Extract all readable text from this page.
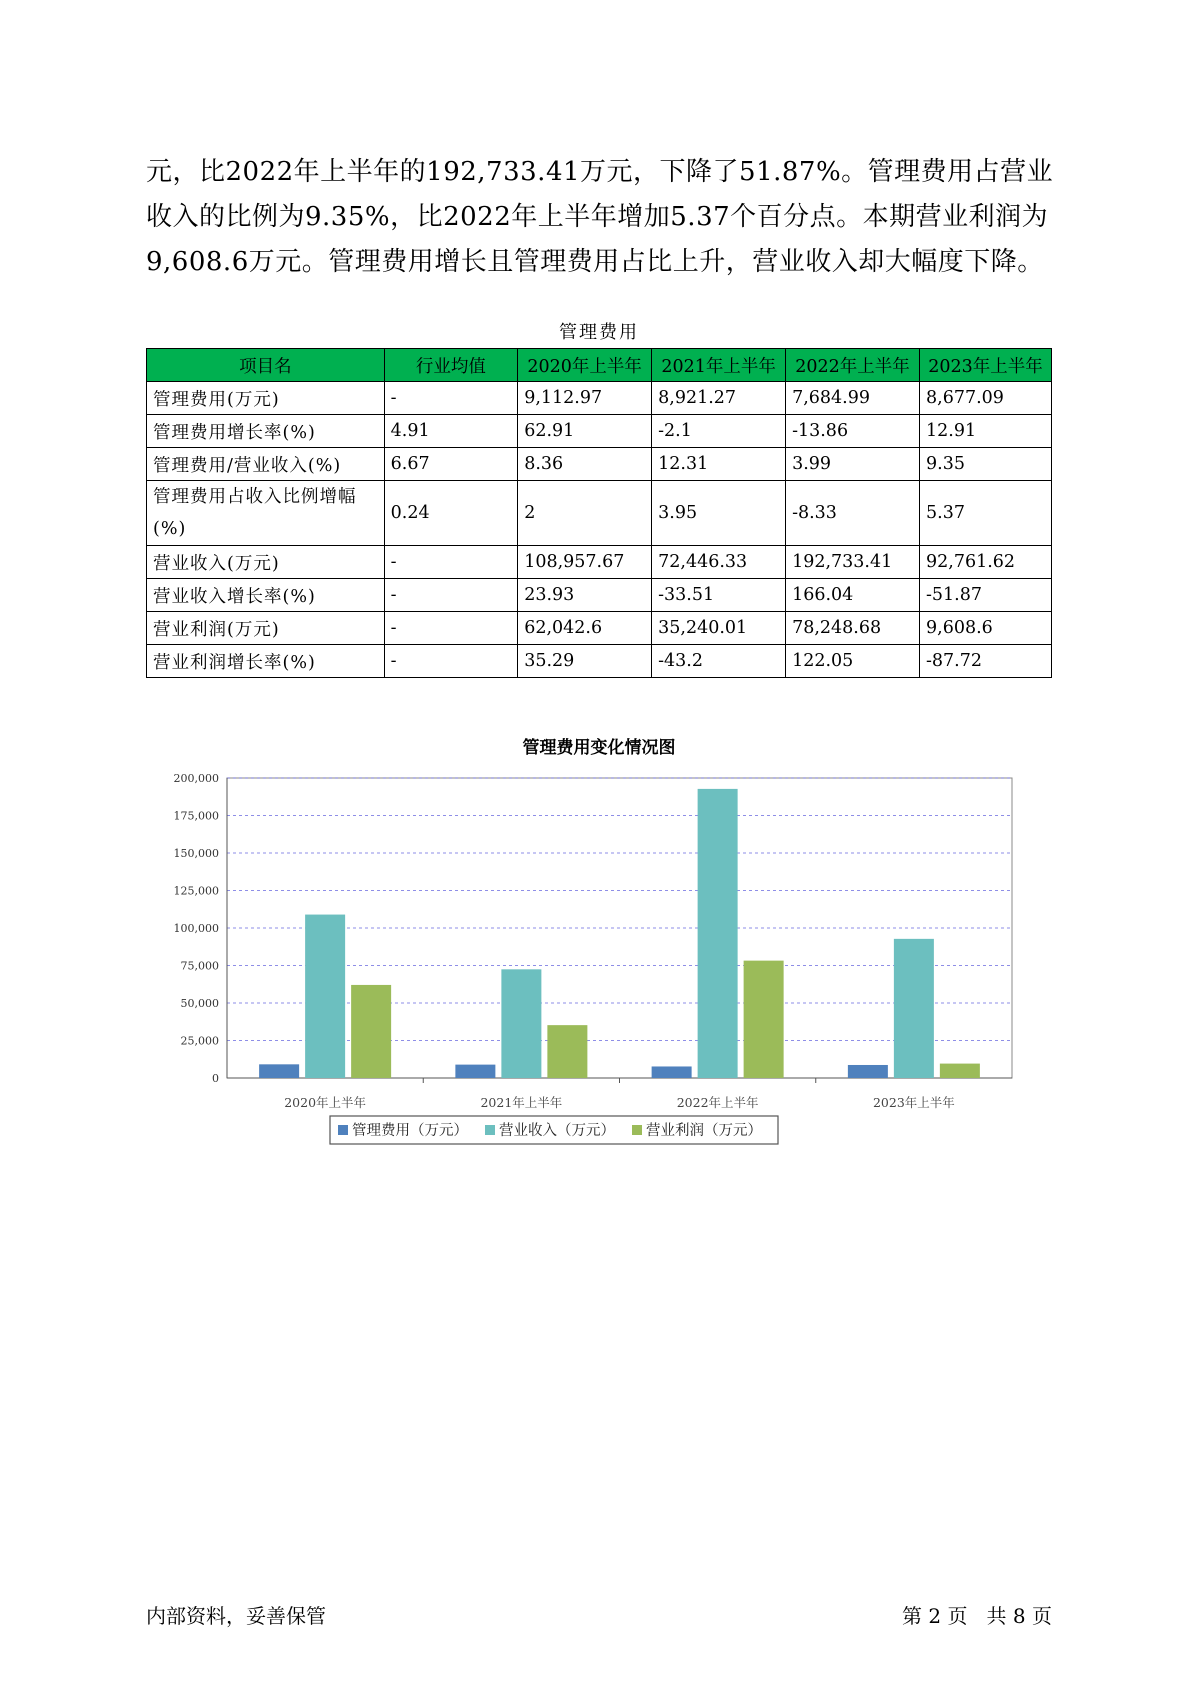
元，比2022年上半年的192,733.41万元，下降了51.87%。管理费用占营业

收入的比例为9.35%，比2022年上半年增加5.37个百分点。本期营业利润为

9,608.6万元。管理费用增长且管理费用占比上升，营业收入却大幅度下降。

管理费用
项目名	行业均值	2020年上半年	2021年上半年	2022年上半年	2023年上半年
管理费用(万元)	-	9,112.97	8,921.27	7,684.99	8,677.09
管理费用增长率(%)	4.91	62.91	-2.1	-13.86	12.91
管理费用/营业收入(%)	6.67	8.36	12.31	3.99	9.35
管理费用占收入比例增幅(%)	0.24	2	3.95	-8.33	5.37
营业收入(万元)	-	108,957.67	72,446.33	192,733.41	92,761.62
营业收入增长率(%)	-	23.93	-33.51	166.04	-51.87
营业利润(万元)	-	62,042.6	35,240.01	78,248.68	9,608.6
营业利润增长率(%)	-	35.29	-43.2	122.05	-87.72
管理费用变化情况图
0
25,000
50,000
75,000
100,000
125,000
150,000
175,000
200,000
2020年上半年	2021年上半年	2022年上半年	2023年上半年
管理费用（万元） 营业收入（万元） 营业利润（万元）
内部资料，妥善保管	第 2 页   共 8 页
